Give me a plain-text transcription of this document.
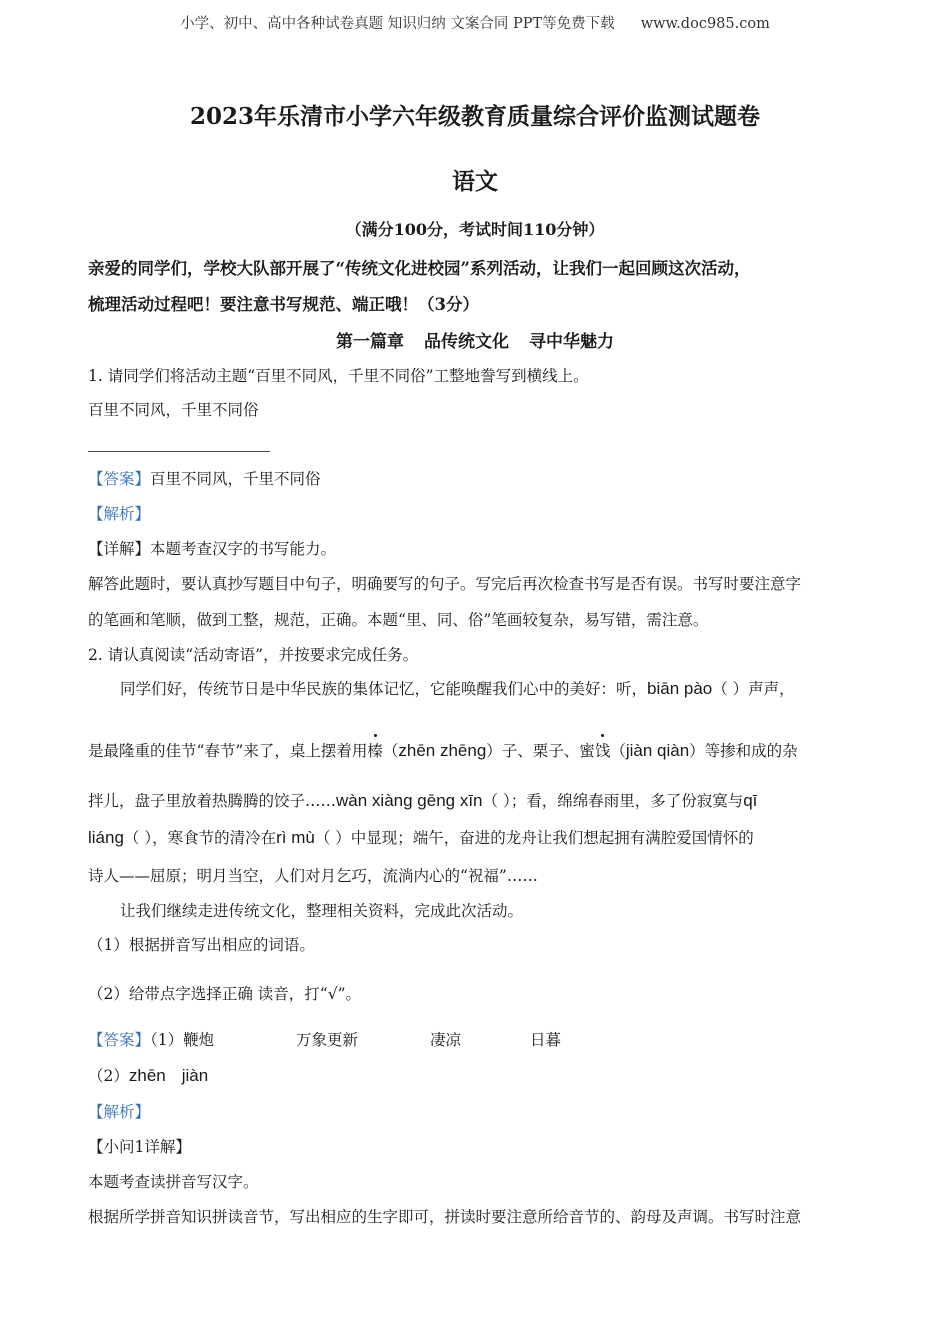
小学、初中、高中各种试卷真题 知识归纳 文案合同 PPT等免费下载 www.doc985.com
2023年乐清市小学六年级教育质量综合评价监测试题卷
语文
（满分100分，考试时间110分钟）
亲爱的同学们，学校大队部开展了“传统文化进校园”系列活动，让我们一起回顾这次活动，
梳理活动过程吧！要注意书写规范、端正哦！（3分）
第一篇章 品传统文化 寻中华魅力
1. 请同学们将活动主题“百里不同风，千里不同俗”工整地誊写到横线上。
百里不同风，千里不同俗
【答案】百里不同风，千里不同俗
【解析】
【详解】本题考查汉字的书写能力。
解答此题时，要认真抄写题目中句子，明确要写的句子。写完后再次检查书写是否有误。书写时要注意字
的笔画和笔顺，做到工整，规范，正确。本题“里、同、俗”笔画较复杂，易写错，需注意。
2. 请认真阅读“活动寄语”，并按要求完成任务。
同学们好，传统节日是中华民族的集体记忆，它能唤醒我们心中的美好：听，biān pào（ ）声声，
是最隆重的佳节“春节”来了，桌上摆着用榛（zhēn zhēng）子、栗子、蜜饯（jiàn qiàn）等掺和成的杂
拌儿，盘子里放着热腾腾的饺子……wàn xiàng gēng xīn（ ）；看，绵绵春雨里，多了份寂寞与qī
liáng（ ），寒食节的清冷在rì mù（ ）中显现；端午，奋进的龙舟让我们想起拥有满腔爱国情怀的
诗人——屈原；明月当空，人们对月乞巧，流淌内心的“祝福”……
让我们继续走进传统文化，整理相关资料，完成此次活动。
（1）根据拼音写出相应的词语。
（2）给带点字选择正确 读音，打“√”。
【答案】（1）鞭炮	万象更新	凄凉	日暮
（2）zhēn jiàn
【解析】
【小问1详解】
本题考查读拼音写汉字。
根据所学拼音知识拼读音节，写出相应的生字即可，拼读时要注意所给音节的、韵母及声调。书写时注意
